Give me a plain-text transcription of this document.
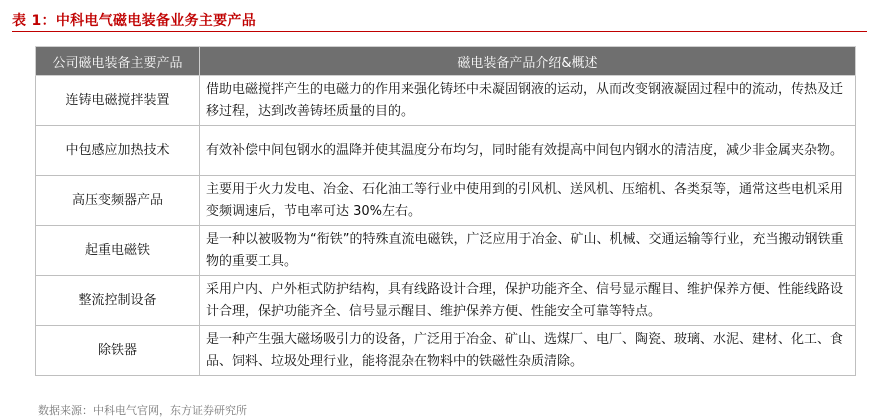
表 1：中科电气磁电装备业务主要产品
公司磁电装备主要产品	磁电装备产品介绍&概述
连铸电磁搅拌装置	借助电磁搅拌产生的电磁力的作用来强化铸坯中未凝固钢液的运动，从而改变钢液凝固过程中的流动，传热及迁移过程，达到改善铸坯质量的目的。
中包感应加热技术	有效补偿中间包钢水的温降并使其温度分布均匀，同时能有效提高中间包内钢水的清洁度，减少非金属夹杂物。
高压变频器产品	主要用于火力发电、冶金、石化油工等行业中使用到的引风机、送风机、压缩机、各类泵等，通常这些电机采用变频调速后，节电率可达 30%左右。
起重电磁铁	是一种以被吸物为“衔铁”的特殊直流电磁铁，广泛应用于冶金、矿山、机械、交通运输等行业，充当搬动钢铁重物的重要工具。
整流控制设备	采用户内、户外柜式防护结构，具有线路设计合理，保护功能齐全、信号显示醒目、维护保养方便、性能线路设计合理，保护功能齐全、信号显示醒目、维护保养方便、性能安全可靠等特点。
除铁器	是一种产生强大磁场吸引力的设备，广泛用于冶金、矿山、选煤厂、电厂、陶瓷、玻璃、水泥、建材、化工、食品、饲料、垃圾处理行业，能将混杂在物料中的铁磁性杂质清除。
数据来源：中科电气官网，东方证券研究所
